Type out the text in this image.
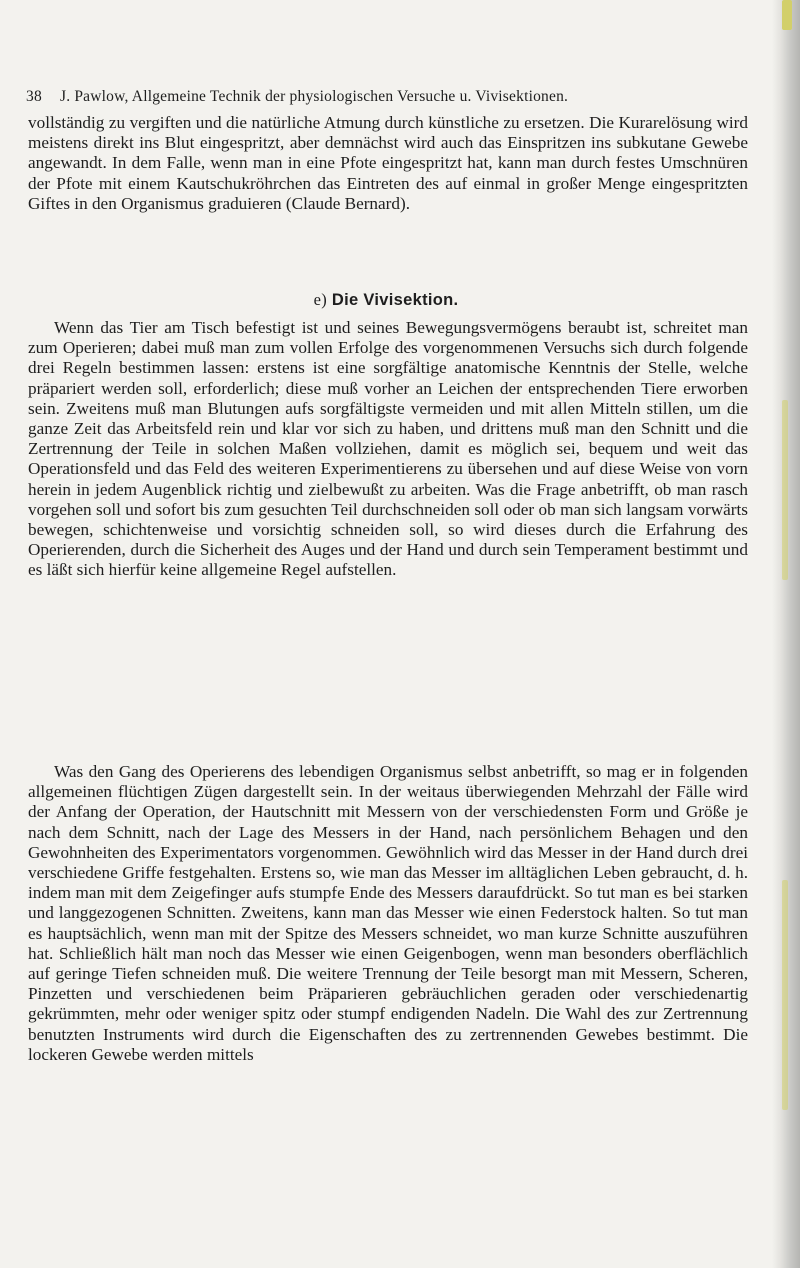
38 J. Pawlow, Allgemeine Technik der physiologischen Versuche u. Vivisektionen.

vollständig zu vergiften und die natürliche Atmung durch künstliche zu ersetzen. Die Kurarelösung wird meistens direkt ins Blut eingespritzt, aber demnächst wird auch das Einspritzen ins subkutane Gewebe angewandt. In dem Falle, wenn man in eine Pfote eingespritzt hat, kann man durch festes Umschnüren der Pfote mit einem Kautschukröhrchen das Eintreten des auf einmal in großer Menge eingespritzten Giftes in den Organismus graduieren (Claude Bernard).

e) Die Vivisektion.

Wenn das Tier am Tisch befestigt ist und seines Bewegungsvermögens beraubt ist, schreitet man zum Operieren; dabei muß man zum vollen Erfolge des vorgenommenen Versuchs sich durch folgende drei Regeln bestimmen lassen: erstens ist eine sorgfältige anatomische Kenntnis der Stelle, welche präpariert werden soll, erforderlich; diese muß vorher an Leichen der entsprechenden Tiere erworben sein. Zweitens muß man Blutungen aufs sorgfältigste vermeiden und mit allen Mitteln stillen, um die ganze Zeit das Arbeitsfeld rein und klar vor sich zu haben, und drittens muß man den Schnitt und die Zertrennung der Teile in solchen Maßen vollziehen, damit es möglich sei, bequem und weit das Operationsfeld und das Feld des weiteren Experimentierens zu übersehen und auf diese Weise von vorn herein in jedem Augenblick richtig und zielbewußt zu arbeiten. Was die Frage anbetrifft, ob man rasch vorgehen soll und sofort bis zum gesuchten Teil durchschneiden soll oder ob man sich langsam vorwärts bewegen, schichtenweise und vorsichtig schneiden soll, so wird dieses durch die Erfahrung des Operierenden, durch die Sicherheit des Auges und der Hand und durch sein Temperament bestimmt und es läßt sich hierfür keine allgemeine Regel aufstellen.

Was den Gang des Operierens des lebendigen Organismus selbst anbetrifft, so mag er in folgenden allgemeinen flüchtigen Zügen dargestellt sein. In der weitaus überwiegenden Mehrzahl der Fälle wird der Anfang der Operation, der Hautschnitt mit Messern von der verschiedensten Form und Größe je nach dem Schnitt, nach der Lage des Messers in der Hand, nach persönlichem Behagen und den Gewohnheiten des Experimentators vorgenommen. Gewöhnlich wird das Messer in der Hand durch drei verschiedene Griffe festgehalten. Erstens so, wie man das Messer im alltäglichen Leben gebraucht, d. h. indem man mit dem Zeigefinger aufs stumpfe Ende des Messers daraufdrückt. So tut man es bei starken und langgezogenen Schnitten. Zweitens, kann man das Messer wie einen Federstock halten. So tut man es hauptsächlich, wenn man mit der Spitze des Messers schneidet, wo man kurze Schnitte auszuführen hat. Schließlich hält man noch das Messer wie einen Geigenbogen, wenn man besonders oberflächlich auf geringe Tiefen schneiden muß. Die weitere Trennung der Teile besorgt man mit Messern, Scheren, Pinzetten und verschiedenen beim Präparieren gebräuchlichen geraden oder verschiedenartig gekrümmten, mehr oder weniger spitz oder stumpf endigenden Nadeln. Die Wahl des zur Zertrennung benutzten Instruments wird durch die Eigenschaften des zu zertrennenden Gewebes bestimmt. Die lockeren Gewebe werden mittels
